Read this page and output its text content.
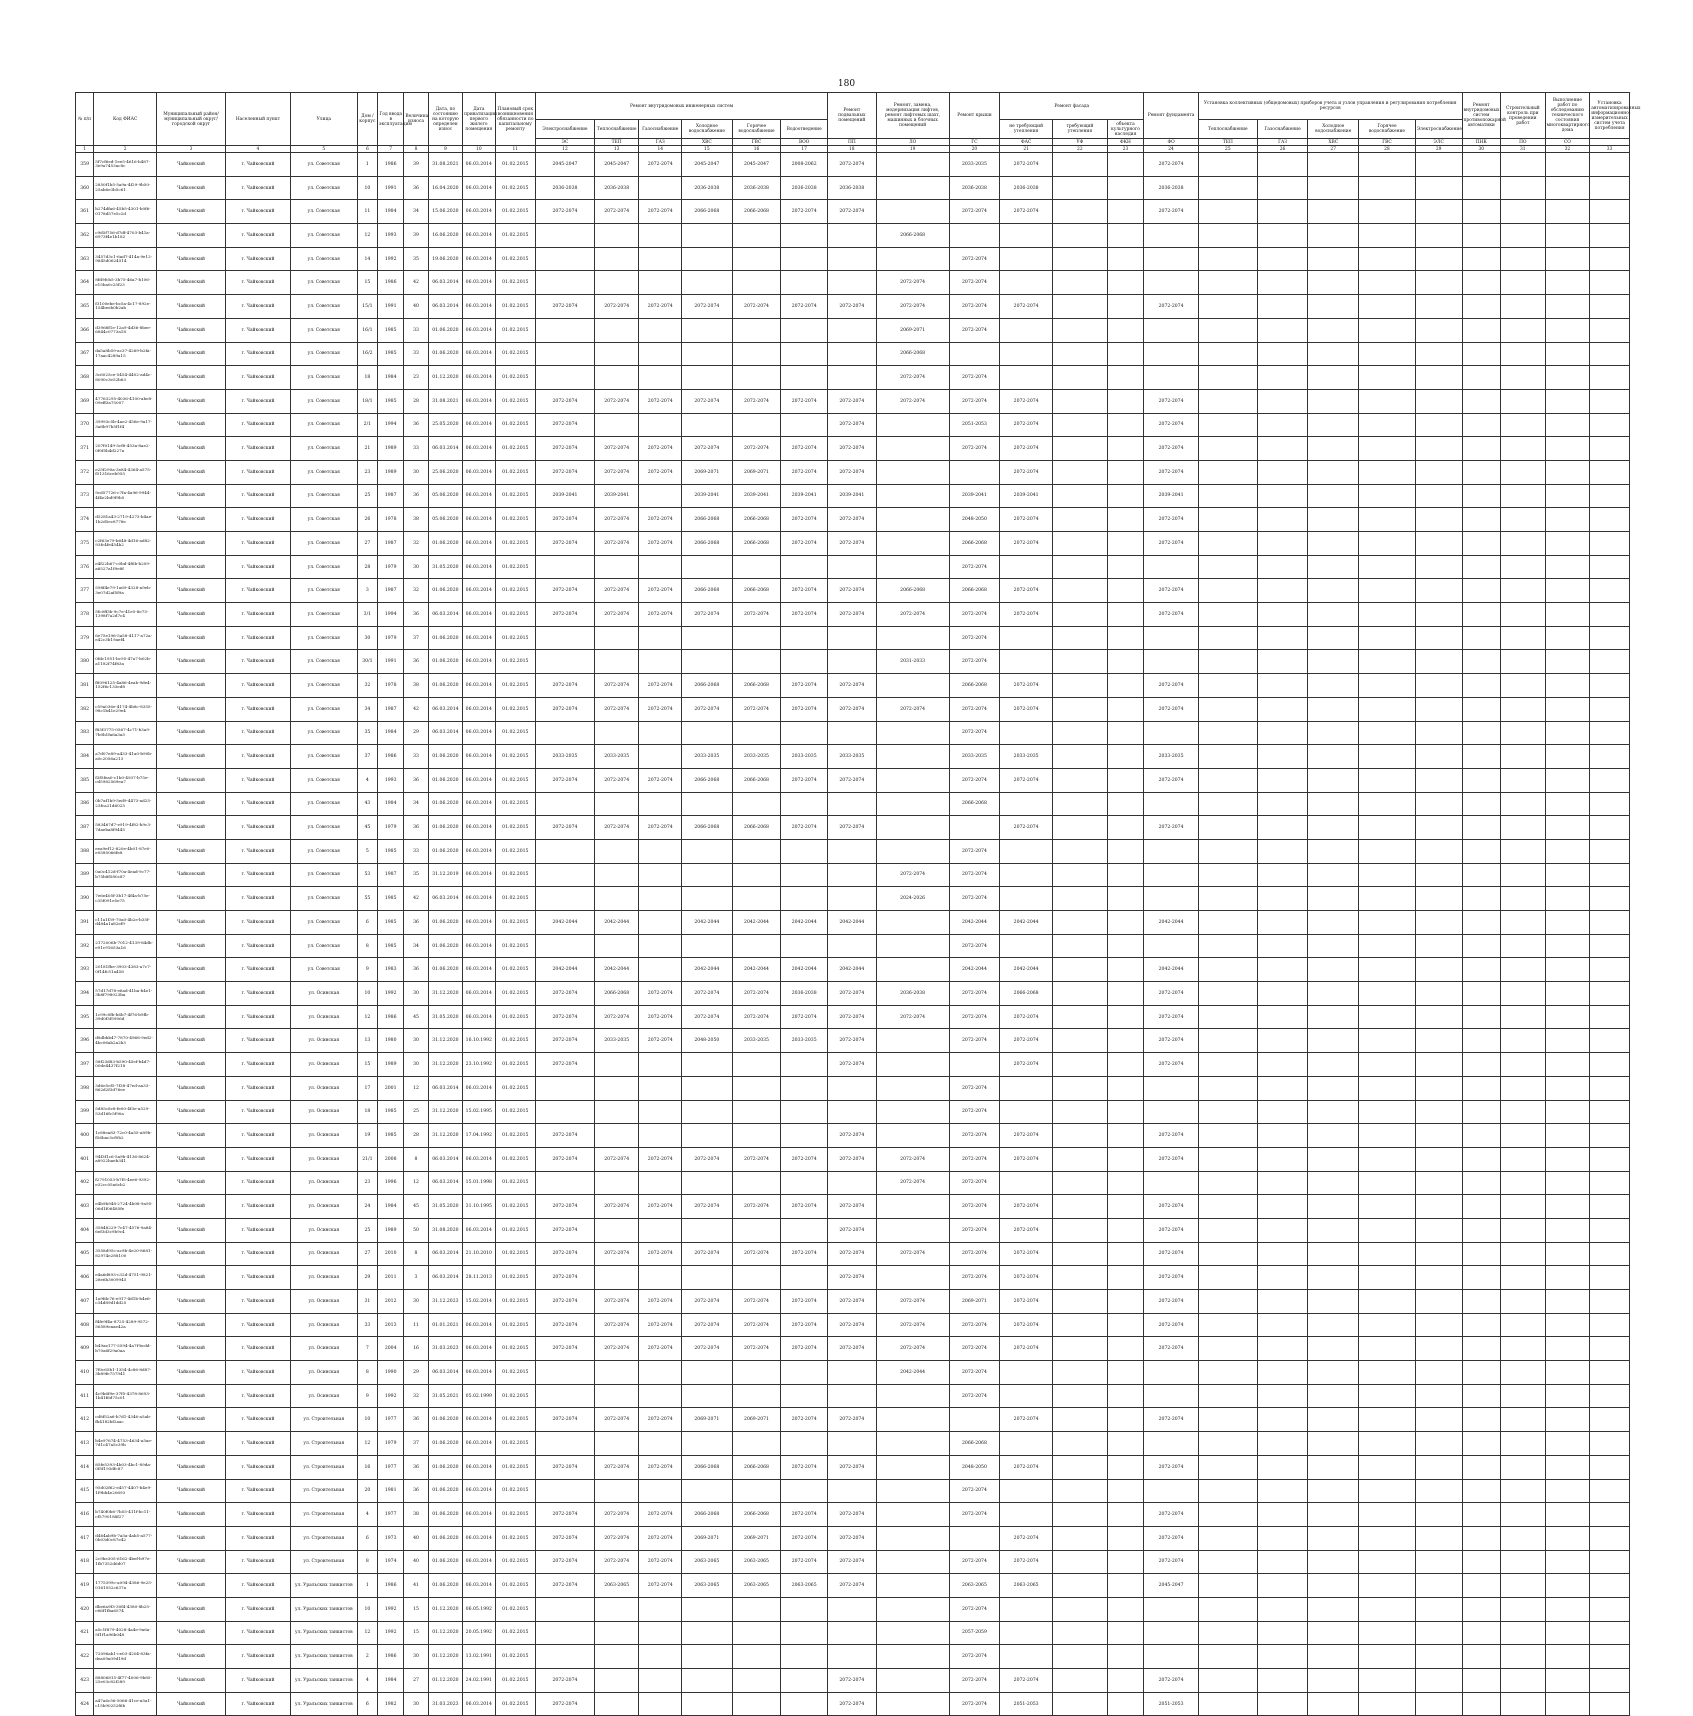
180
№ п/п	Код ФИАС	Муниципальный район/муниципальный округ/городской округ	Населенный пункт	Улица	Дом / корпус	Год ввода в эксплуатацию	Величина износа	Дата, по состоянию на которую определен износ	Дата приватизации первого жилого помещения	Плановый срок возникновения обязанности по капитальному ремонту	Ремонт внутридомовых инженерных систем						Ремонт подвальных помещений	Ремонт, замена, модернизация лифтов, ремонт лифтовых шахт, машинных и блочных помещений	Ремонт крыши	Ремонт фасада			Ремонт фундамента	Установка коллективных (общедомовых) приборов учета и узлов управления и регулирования потребления ресурсов					Ремонт внутридомовых систем противопожарной автоматики	Строительный контроль при проведении работ	Выполнение работ по обследованию технического состояния многоквартирного дома	Установка автоматизированных информационно-измерительных систем учета потребления
											Электроснабжение	Теплоснабжение	Газоснабжение	Холодное водоснабжение	Горячее водоснабжение	Водоотведение				не требующий утепления	требующий утепления	объекта культурного наследия		Теплоснабжение	Газоснабжение	Холодное водоснабжение	Горячее водоснабжение	Электроснабжение				
											ЭС	ТЕП	ГАЗ	ХВС	ГВС	ВОО	ПП	ЛО	ГС	ФАС	УФ	ФКН	ФО	ТЕП	ГАЗ	ХВС	ГВС	ЭЛС	ПНК	ПО	СО	
1	2	3	4	5	6	7	8	9	10	11	12	13	14	15	16	17	18	19	20	21	22	23	24	25	26	27	28	29	30	31	32	33
359	5f7cf6ed-1ee5-4616-b487-3e9a7453ac8c	Чайковский	г. Чайковский	ул. Советская	1	1986	39	31.08.2021	06.03.2014	01.02.2015	2045-2047	2045-2047	2072-2074	2045-2047	2045-2047	2008-2062	2072-2074		2033-2035	2072-2074			2072-2074									
360	2850f1b5-5a9a-4f29-9b50-25ab6e3b5c61	Чайковский	г. Чайковский	ул. Советская	10	1991	36	16.04.2020	06.03.2014	01.02.2015	2036-2038	2036-2038		2036-2038	2036-2038	2036-2038	2036-2038		2036-2038	2036-2038			2036-2038									
361	b274dfa6-45b5-4301-b0f6-0178d57e5c2d	Чайковский	г. Чайковский	ул. Советская	11	1984	34	15.06.2020	06.03.2014	01.02.2015	2072-2074	2072-2074	2072-2074	2066-2068	2066-2068	2072-2074	2072-2074		2072-2074	2072-2074			2072-2074									
362	c9d5f756-d7df-4703-b41a-6973f4e1b182	Чайковский	г. Чайковский	ул. Советская	12	1993	39	16.06.2020	06.03.2014	01.02.2015								2066-2068														
363	3457d3c1-6ad7-414a-9e12-9845d0624514	Чайковский	г. Чайковский	ул. Советская	14	1992	35	19.06.2020	06.03.2014	01.02.2015									2072-2074													
364	8fd9fcb5-3b75-46a7-b106-e15ba0c25f23	Чайковский	г. Чайковский	ул. Советская	15	1986	42	06.03.2014	06.03.2014	01.02.2015								2072-2074	2072-2074													
365	f3100ebe-bc5a-4c17-892e-154beeb0b2ab	Чайковский	г. Чайковский	ул. Советская	15/1	1991	40	06.03.2014	06.03.2014	01.02.2015	2072-2074	2072-2074	2072-2074	2072-2074	2072-2074	2072-2074	2072-2074	2072-2074	2072-2074	2072-2074			2072-2074									
366	d3968f1e-12a9-4d36-8bee-6844c0773a18	Чайковский	г. Чайковский	ул. Советская	16/1	1985	33	01.06.2020	06.03.2014	01.02.2015								2069-2071	2072-2074													
367	da5a8b59-ac37-4269-b2fa-17aac4289a15	Чайковский	г. Чайковский	ул. Советская	16/2	1985	33	01.06.2020	06.03.2014	01.02.2015								2066-2068														
368	3c6025ce-5454-4402-ad4c-8090c3e52b63	Чайковский	г. Чайковский	ул. Советская	18	1984	23	01.12.2020	06.03.2014	01.02.2015								2072-2074	2072-2074													
369	47763295-4036-4100-abe8-09eff3a75007	Чайковский	г. Чайковский	ул. Советская	18/1	1985	28	31.08.2021	06.03.2014	01.02.2015	2072-2074	2072-2074	2072-2074	2072-2074	2072-2074	2072-2074	2072-2074	2072-2074	2072-2074	2072-2074			2072-2074									
370	39993c5b-4ae2-456e-9a17-3a8b97b5f1f4	Чайковский	г. Чайковский	ул. Советская	2/1	1994	36	25.05.2020	06.03.2014	01.02.2015	2072-2074						2072-2074		2051-2053	2072-2074			2072-2074									
371	207f0149-5cf8-453a-8ae2-0f0f5b4d227a	Чайковский	г. Чайковский	ул. Советская	21	1989	33	06.03.2014	06.03.2014	01.02.2015	2072-2074	2072-2074	2072-2074	2072-2074	2072-2074	2072-2074	2072-2074		2072-2074	2072-2074			2072-2074									
372	e25f290a-3e84-4364-a575-f51316ceb955	Чайковский	г. Чайковский	ул. Советская	23	1989	30	25.06.2020	06.03.2014	01.02.2015	2072-2074	2072-2074	2072-2074	2069-2071	2069-2071	2072-2074	2072-2074			2072-2074			2072-2074									
373	9cd57726-c7fa-4a96-9944-4f4e2bd9f9b5	Чайковский	г. Чайковский	ул. Советская	25	1987	36	05.06.2020	06.03.2014	01.02.2015	2039-2041	2039-2041		2039-2041	2039-2041	2039-2041	2039-2041		2039-2041	2039-2041			2039-2041									
374	d5281a43-2719-4273-b4ae-1b2d5ec8778e	Чайковский	г. Чайковский	ул. Советская	26	1978	38	05.06.2020	06.03.2014	01.02.2015	2072-2074	2072-2074	2072-2074	2066-2068	2066-2068	2072-2074	2072-2074		2048-2050	2072-2074			2072-2074									
375	c2f63e79-b648-4d16-ad82-93fc4fe454b2	Чайковский	г. Чайковский	ул. Советская	27	1987	32	01.06.2020	06.03.2014	01.02.2015	2072-2074	2072-2074	2072-2074	2066-2068	2066-2068	2072-2074	2072-2074		2066-2068	2072-2074			2072-2074									
376	e4f22b67-c0bd-4f6b-b209-a6527a1f9e8f	Чайковский	г. Чайковский	ул. Советская	28	1979	30	31.05.2020	06.03.2014	01.02.2015									2072-2074													
377	598f4e79-1a69-4328-a9eb-3e07d2af5f9a	Чайковский	г. Чайковский	ул. Советская	3	1987	32	01.06.2020	06.03.2014	01.02.2015	2072-2074	2072-2074	2072-2074	2066-2068	2066-2068	2072-2074	2072-2074	2066-2068	2066-2068	2072-2074			2072-2074									
378	5fc0ff3b-9c7e-41e5-8e75-1398f7a2d7c4	Чайковский	г. Чайковский	ул. Советская	3/1	1994	36	06.03.2014	06.03.2014	01.02.2015	2072-2074	2072-2074	2072-2074	2072-2074	2072-2074	2072-2074	2072-2074	2072-2074	2072-2074	2072-2074			2072-2074									
379	6e75e196-5a58-4117-a72a-e42c3b19aef4	Чайковский	г. Чайковский	ул. Советская	30	1979	37	01.06.2020	06.03.2014	01.02.2015									2072-2074													
380	0fdc1951-bc95-47a7-b02b-a1182f74f83a	Чайковский	г. Чайковский	ул. Советская	30/1	1991	36	01.06.2020	06.03.2014	01.02.2015								2031-2033	2072-2074													
381	f8096125-4a86-4eab-9de4-152f6c133ed8	Чайковский	г. Чайковский	ул. Советская	32	1978	38	01.06.2020	06.03.2014	01.02.2015	2072-2074	2072-2074	2072-2074	2066-2068	2066-2068	2072-2074	2072-2074		2066-2068	2072-2074			2072-2074									
382	c59a036e-4174-4b8c-8355-98c1b41e29e4	Чайковский	г. Чайковский	ул. Советская	34	1987	42	06.03.2014	06.03.2014	01.02.2015	2072-2074	2072-2074	2072-2074	2072-2074	2072-2074	2072-2074	2072-2074	2072-2074	2072-2074	2072-2074			2072-2074									
383	f85f3775-0567-4c71-b3a9-7b0b1fa6a3a5	Чайковский	г. Чайковский	ул. Советская	35	1984	29	06.03.2014	06.03.2014	01.02.2015									2072-2074													
384	a7d07e89-a433-41a0-b90b-a0c2056a213	Чайковский	г. Чайковский	ул. Советская	37	1986	33	01.06.2020	06.03.2014	01.02.2015	2033-2035	2033-2035		2033-2035	2033-2035	2033-2035	2033-2035		2033-2035	2033-2035			2033-2035									
385	f3f5fea0-c1b0-4937-b75e-cd5982569ea7	Чайковский	г. Чайковский	ул. Советская	4	1993	36	01.06.2020	06.03.2014	01.02.2015	2072-2074	2072-2074	2072-2074	2066-2068	2066-2068	2072-2074	2072-2074		2072-2074	2072-2074			2072-2074									
386	0b7af1b9-5ed9-4473-ad25-23fca21d6025	Чайковский	г. Чайковский	ул. Советская	43	1984	34	01.06.2020	06.03.2014	01.02.2015									2066-2068													
387	583467d7-e919-4f82-b9c3-7daeba8f9445	Чайковский	г. Чайковский	ул. Советская	45	1979	36	01.06.2020	06.03.2014	01.02.2015	2072-2074	2072-2074	2072-2074	2066-2068	2066-2068	2072-2074	2072-2074			2072-2074			2072-2074									
388	eea9ef12-820e-4b01-87e0-e0585066fe8	Чайковский	г. Чайковский	ул. Советская	5	1985	33	01.06.2020	06.03.2014	01.02.2015									2072-2074													
389	0a0c412d-f70a-4ead-9c77-b75b8f580c87	Чайковский	г. Чайковский	ул. Советская	53	1987	35	31.12.2019	06.03.2014	01.02.2015								2072-2074	2072-2074													
390	7e6e405f-3b17-4f4a-b75e-c35f091e5e75	Чайковский	г. Чайковский	ул. Советская	55	1985	42	06.03.2014	06.03.2014	01.02.2015								2024-2026	2072-2074													
391	c11a1f39-70a0-4b2e-b35f-d484a1a82ef9	Чайковский	г. Чайковский	ул. Советская	6	1985	36	01.06.2020	06.03.2014	01.02.2015	2042-2044	2042-2044		2042-2044	2042-2044	2042-2044	2042-2044		2042-2044	2042-2044			2042-2044									
392	2172006b-7012-4139-84db-e91c91653a16	Чайковский	г. Чайковский	ул. Советская	8	1985	34	01.06.2020	06.03.2014	01.02.2015									2072-2074													
393	20181fbe-3903-4383-a7c7-0f14fc51a458	Чайковский	г. Чайковский	ул. Советская	9	1983	36	01.06.2020	06.03.2014	01.02.2015	2042-2044	2042-2044		2042-2044	2042-2044	2042-2044	2042-2044		2042-2044	2042-2044			2042-2044									
394	57d17d78-e6ad-41ba-b4e1-3b8f798023ba	Чайковский	г. Чайковский	ул. Осинская	10	1992	30	31.12.2020	06.03.2014	01.02.2015	2072-2074	2066-2068	2072-2074	2072-2074	2072-2074	2036-2038	2072-2074	2036-2038	2072-2074	2066-2068			2072-2074									
395	1c99c0fb-b6b7-4f76-b9fb-39d0f3f5906d	Чайковский	г. Чайковский	ул. Осинская	12	1986	45	31.05.2020	06.03.2014	01.02.2015	2072-2074	2072-2074	2072-2074	2072-2074	2072-2074	2072-2074	2072-2074	2072-2074	2072-2074	2072-2074			2072-2074									
396	d8dbbb47-7870-4968-9ed2-4bc06ab2a2b3	Чайковский	г. Чайковский	ул. Осинская	13	1980	30	31.12.2020	16.10.1992	01.02.2015	2072-2074	2033-2035	2072-2074	2048-2050	2033-2035	2033-2035	2072-2074		2072-2074	2072-2074			2072-2074									
397	58f23d83-b590-45ef-b4d7-00de4437f218	Чайковский	г. Чайковский	ул. Осинская	15	1989	30	31.12.2020	23.10.1992	01.02.2015	2072-2074						2072-2074			2072-2074			2072-2074									
398	3d6e5cf5-7f38-47ed-aa33-862d2f3d76ee	Чайковский	г. Чайковский	ул. Осинская	17	2001	12	06.03.2014	06.03.2014	01.02.2015									2072-2074													
399	5d85c8c8-fe00-4f3e-a529-53d16fc5f90a	Чайковский	г. Чайковский	ул. Осинская	18	1985	25	31.12.2020	15.02.1995	01.02.2015									2072-2074													
400	1c88ea83-72c0-4a55-a89b-f56bac5cf0b2	Чайковский	г. Чайковский	ул. Осинская	19	1985	28	31.12.2020	17.04.1992	01.02.2015	2072-2074						2072-2074		2072-2074	2072-2074			2072-2074									
401	94f3f1c6-5a9b-4136-8624-a8922baeb341	Чайковский	г. Чайковский	ул. Осинская	21/1	2008	8	06.03.2014	06.03.2014	01.02.2015	2072-2074	2072-2074	2072-2074	2072-2074	2072-2074	2072-2074	2072-2074	2072-2074	2072-2074	2072-2074			2072-2074									
402	f2791053-b7f5-4ee6-9392-e32cc05a6cb2	Чайковский	г. Чайковский	ул. Осинская	23	1996	12	06.03.2014	15.01.1998	01.02.2015								2072-2074	2072-2074													
403	e4b9b948-2724-4b08-9a95-06d1f06485fe	Чайковский	г. Чайковский	ул. Осинская	24	1984	45	31.05.2020	31.10.1995	01.02.2015	2072-2074	2072-2074	2072-2074	2072-2074	2072-2074	2072-2074	2072-2074		2072-2074	2072-2074			2072-2074									
404	35848229-7c47-4576-9a84-6ef3d3c9b9c4	Чайковский	г. Чайковский	ул. Осинская	25	1989	50	31.08.2020	06.03.2014	01.02.2015	2072-2074						2072-2074		2072-2074	2072-2074			2072-2074									
405	3558d95c-ac9b-4e20-8681-82974e288100	Чайковский	г. Чайковский	ул. Осинская	27	2010	8	06.03.2014	21.10.2010	01.02.2015	2072-2074	2072-2074	2072-2074	2072-2074	2072-2074	2072-2074	2072-2074	2072-2074	2072-2074	2072-2074			2072-2074									
406	e4a6d893-c32d-4751-9821-28e6b3009945	Чайковский	г. Чайковский	ул. Осинская	29	2011	3	06.03.2014	28.11.2013	01.02.2015	2072-2074						2072-2074		2072-2074	2072-2074			2072-2074									
407	1a9fdc76-e917-4d1b-b4e6-c34d89d1dd25	Чайковский	г. Чайковский	ул. Осинская	31	2012	30	31.12.2023	15.02.2014	01.02.2015	2072-2074	2072-2074	2072-2074	2072-2074	2072-2074	2072-2074	2072-2074	2072-2074	2069-2071	2072-2074			2072-2074									
408	f4fe9f4a-8725-4289-9572-56589eaae42a	Чайковский	г. Чайковский	ул. Осинская	33	2013	11	01.01.2021	06.03.2014	01.02.2015	2072-2074	2072-2074	2072-2074	2072-2074	2072-2074	2072-2074	2072-2074	2072-2074	2072-2074	2072-2074			2072-2074									
409	b49ae177-5594-4a7f-bcdd-b70a6f29a0aa	Чайковский	г. Чайковский	ул. Осинская	7	2004	16	31.03.2023	06.03.2014	01.02.2015	2072-2074	2072-2074	2072-2074	2072-2074	2072-2074	2072-2074	2072-2074	2072-2074	2072-2074	2072-2074			2072-2074									
410	7f0c65b1-1354-4c86-8d87-3b89fe757941	Чайковский	г. Чайковский	ул. Осинская	8	1990	29	06.03.2014	06.03.2014	01.02.2015								2042-2044	2072-2074													
411	4c9b6f9e-37f5-4378-8693-1b41f6d75c01	Чайковский	г. Чайковский	ул. Осинская	9	1992	32	31.05.2021	05.02.1999	01.02.2015									2072-2074													
412	cd8f52a6-b7d1-4346-a5ab-fb4182bf2aac	Чайковский	г. Чайковский	ул. Строительная	10	1977	36	01.06.2020	06.03.2014	01.02.2015	2072-2074	2072-2074	2072-2074	2069-2071	2069-2071	2072-2074	2072-2074			2072-2074			2072-2074									
413	b4e97674-4753-4634-a5ae-7d1c47a5c39b	Чайковский	г. Чайковский	ул. Строительная	12	1979	37	01.06.2020	06.03.2014	01.02.2015									2066-2068													
414	85fe5393-4b03-4bc1-89da-0f5f193dfc87	Чайковский	г. Чайковский	ул. Строительная	16	1977	36	01.06.2020	06.03.2014	01.02.2015	2072-2074	2072-2074	2072-2074	2066-2068	2066-2068	2072-2074	2072-2074		2048-2050	2072-2074			2072-2074									
415	95d02f62-e457-4407-b4e9-1f9bb4e20693	Чайковский	г. Чайковский	ул. Строительная	20	1981	36	01.06.2020	06.03.2014	01.02.2015									2072-2074													
416	b740f0b6-7b55-411f-bc11-cf5790188f27	Чайковский	г. Чайковский	ул. Строительная	4	1977	38	01.06.2020	06.03.2014	01.02.2015	2072-2074	2072-2074	2072-2074	2066-2068	2066-2068	2072-2074	2072-2074		2072-2074				2072-2074									
417	d464ab9b-7a5a-4ab5-a577-0b03d0c87e42	Чайковский	г. Чайковский	ул. Строительная	6	1973	40	01.06.2020	06.03.2014	01.02.2015	2072-2074	2072-2074	2072-2074	2069-2071	2069-2071	2072-2074	2072-2074			2072-2074			2072-2074									
418	2c9be305-6162-4bef-b97e-1fb7352d6d07	Чайковский	г. Чайковский	ул. Строительная	8	1974	40	01.06.2020	06.03.2014	01.02.2015	2072-2074	2072-2074	2072-2074	2063-2065	2063-2065	2072-2074	2072-2074		2072-2074	2072-2074			2072-2074									
419	1775399c-a094-4386-9e25-0161052c637a	Чайковский	г. Чайковский	ул. Уральских танкистов	1	1986	41	01.06.2020	06.03.2014	01.02.2015	2072-2074	2063-2065	2072-2074	2063-2065	2063-2065	2063-2065	2072-2074		2063-2065	2063-2065			2045-2047									
420	dbe6a9f3-30f4-4380-8b25-c66f1fba6574	Чайковский	г. Чайковский	ул. Уральских танкистов	10	1992	15	01.12.2020	06.05.1992	01.02.2015									2072-2074													
421	a5c1f879-4028-4a4e-9a6a-5f1f1a96b048	Чайковский	г. Чайковский	ул. Уральских танкистов	12	1992	15	01.12.2020	20.05.1992	01.02.2015									2057-2059													
422	72096ab1-ce03-4204-83fa-dea09a09d19d	Чайковский	г. Чайковский	ул. Уральских танкистов	2	1986	30	01.12.2020	13.02.1991	01.02.2015									2072-2074													
423	88806815-4f77-4006-9b85-25e03c82f289	Чайковский	г. Чайковский	ул. Уральских танкистов	4	1984	27	01.12.2020	24.02.1991	01.02.2015	2072-2074						2072-2074		2072-2074	2072-2074			2072-2074									
424	a47a6c56-5066-41ce-a5a1-c15b90252f6b	Чайковский	г. Чайковский	ул. Уральских танкистов	6	1982	30	31.03.2023	06.03.2014	01.02.2015	2072-2074						2072-2074		2072-2074	2051-2053			2051-2053									
